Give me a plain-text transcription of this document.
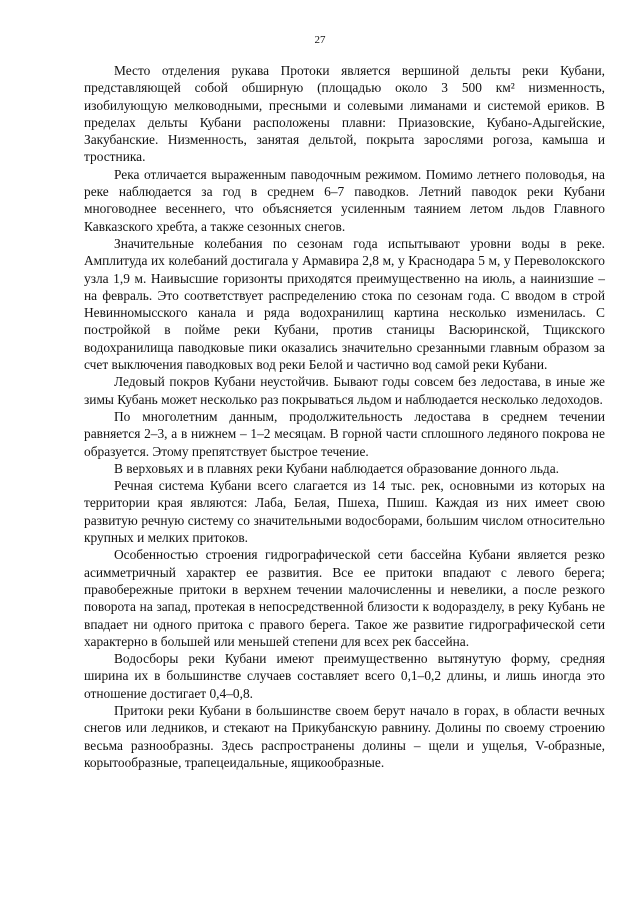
27

Место отделения рукава Протоки является вершиной дельты реки Кубани, представляющей собой обширную (площадью около 3 500 км² низменность, изобилующую мелководными, пресными и солевыми лиманами и системой ериков. В пределах дельты Кубани расположены плавни: Приазовские, Кубано-Адыгейские, Закубанские. Низменность, занятая дельтой, покрыта зарослями рогоза, камыша и тростника.

Река отличается выраженным паводочным режимом. Помимо летнего половодья, на реке наблюдается за год в среднем 6–7 паводков. Летний паводок реки Кубани многоводнее весеннего, что объясняется усиленным таянием летом льдов Главного Кавказского хребта, а также сезонных снегов.

Значительные колебания по сезонам года испытывают уровни воды в реке. Амплитуда их колебаний достигала у Армавира 2,8 м, у Краснодара 5 м, у Переволокского узла 1,9 м. Наивысшие горизонты приходятся преимущественно на июль, а наинизшие – на февраль. Это соответствует распределению стока по сезонам года. С вводом в строй Невинномысского канала и ряда водохранилищ картина несколько изменилась. С постройкой в пойме реки Кубани, против станицы Васюринской, Тщикского водохранилища паводковые пики оказались значительно срезанными главным образом за счет выключения паводковых вод реки Белой и частично вод самой реки Кубани.

Ледовый покров Кубани неустойчив. Бывают годы совсем без ледостава, в иные же зимы Кубань может несколько раз покрываться льдом и наблюдается несколько ледоходов.

По многолетним данным, продолжительность ледостава в среднем течении равняется 2–3, а в нижнем – 1–2 месяцам. В горной части сплошного ледяного покрова не образуется. Этому препятствует быстрое течение.

В верховьях и в плавнях реки Кубани наблюдается образование донного льда.

Речная система Кубани всего слагается из 14 тыс. рек, основными из которых на территории края являются: Лаба, Белая, Пшеха, Пшиш. Каждая из них имеет свою развитую речную систему со значительными водосборами, большим числом относительно крупных и мелких притоков.

Особенностью строения гидрографической сети бассейна Кубани является резко асимметричный характер ее развития. Все ее притоки впадают с левого берега; правобережные притоки в верхнем течении малочисленны и невелики, а после резкого поворота на запад, протекая в непосредственной близости к водоразделу, в реку Кубань не впадает ни одного притока с правого берега. Такое же развитие гидрографической сети характерно в большей или меньшей степени для всех рек бассейна.

Водосборы реки Кубани имеют преимущественно вытянутую форму, средняя ширина их в большинстве случаев составляет всего 0,1–0,2 длины, и лишь иногда это отношение достигает 0,4–0,8.

Притоки реки Кубани в большинстве своем берут начало в горах, в области вечных снегов или ледников, и стекают на Прикубанскую равнину. Долины по своему строению весьма разнообразны. Здесь распространены долины – щели и ущелья, V-образные, корытообразные, трапецеидальные, ящикообразные.
